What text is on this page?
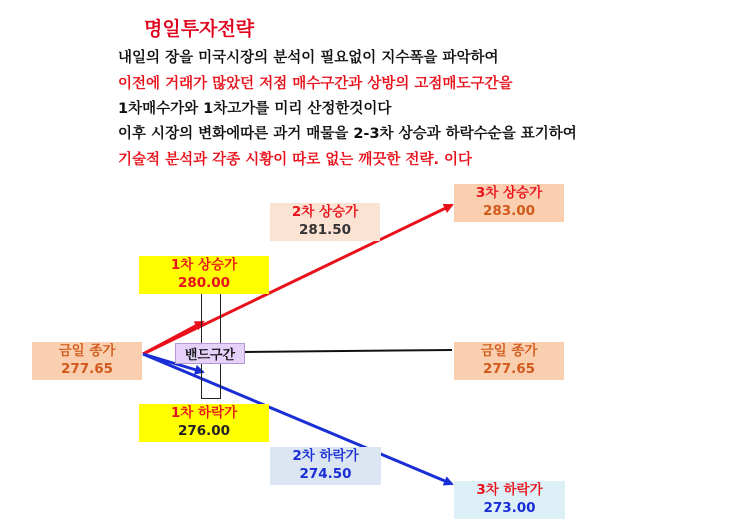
명일투자전략
내일의 장을 미국시장의 분석이 필요없이 지수폭을 파악하여
이전에 거래가 많았던 저점 매수구간과 상방의 고점매도구간을
1차매수가와 1차고가를 미리 산정한것이다
이후 시장의 변화에따른 과거 매물을 2-3차 상승과 하락수순을 표기하여
기술적 분석과 각종 시황이 따로 없는 깨끗한 전략. 이다
금일 종가
277.65
1차 상승가
280.00
2차 상승가
281.50
3차 상승가
283.00
1차 하락가
276.00
2차 하락가
274.50
3차 하락가
273.00
금일 종가
277.65
밴드구간
